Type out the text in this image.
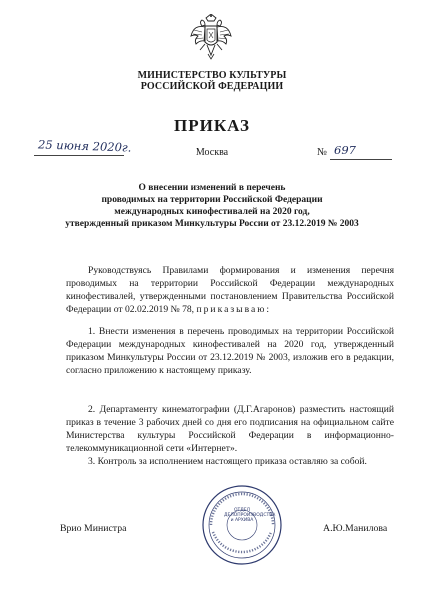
МИНИСТЕРСТВО КУЛЬТУРЫ
РОССИЙСКОЙ ФЕДЕРАЦИИ
ПРИКАЗ
25 июня 2020г.	Москва	№ 697
О внесении изменений в перечень
проводимых на территории Российской Федерации
международных кинофестивалей на 2020 год,
утвержденный приказом Минкультуры России от 23.12.2019 № 2003
Руководствуясь Правилами формирования и изменения перечня проводимых на территории Российской Федерации международных кинофестивалей, утвержденными постановлением Правительства Российской Федерации от 02.02.2019 № 78, приказываю:
1. Внести изменения в перечень проводимых на территории Российской Федерации международных кинофестивалей на 2020 год, утвержденный приказом Минкультуры России от 23.12.2019 № 2003, изложив его в редакции, согласно приложению к настоящему приказу.
2. Департаменту кинематографии (Д.Г.Агаронов) разместить настоящий приказ в течение 3 рабочих дней со дня его подписания на официальном сайте Министерства культуры Российской Федерации в информационно-телекоммуникационной сети «Интернет».
3. Контроль за исполнением настоящего приказа оставляю за собой.
ОТДЕЛ
ДЕЛОПРОИЗВОДСТВА
и АРХИВА
Врио Министра	А.Ю.Манилова
